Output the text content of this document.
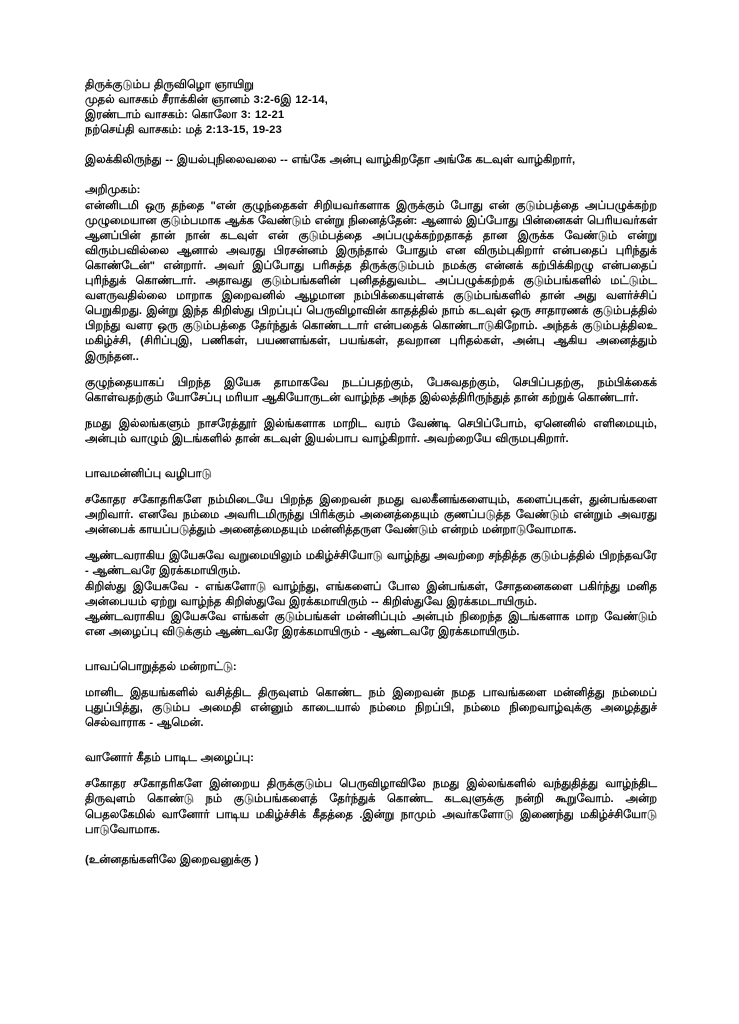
திருக்குடும்ப திருவிழாெ ஞாயிறு
முதல் வாசகம் சீராக்கின் ஞானம் 3:2-6இ 12-14,
இரண்டாம் வாசகம்: கொலோ 3: 12-21
நற்செய்தி வாசகம்: மத் 2:13-15, 19-23

இலக்கிலிருந்து -- இயல்புநிலைவலை -- எங்கே அன்பு வாழ்கிறதோ அங்கே கடவுள் வாழ்கிறார்,

அறிமுகம்:

என்னிடமி ஒரு தந்தை "என் குழுந்தைகள் சிறியவர்களாக இருக்கும் போது என் குடும்பத்தை அப்பழுக்கற்ற முழுமையான குடும்பமாக ஆக்க வேண்டும் என்று நினைத்தேன்: ஆனால் இப்போது பின்னைகள் பெரியவர்கள் ஆனப்பின் தான் நான் கடவுள் என் குடும்பத்தை அப்பழுக்கற்றதாகத் தான இருக்க வேண்டும் என்று விரும்பவில்லை ஆனால் அவரது பிரசன்னம் இருந்தால் போதும் என விரும்புகிறார் என்பதைப் புரிந்துக் கொண்டேன்" என்றார். அவர் இப்போது பரிசுத்த திருக்குடும்பம் நமக்கு என்னக் கற்பிக்கிறழு என்பதைப் புரிந்துக் கொண்டார். அதாவது குடும்பங்களின் புனிதத்துவம்ட அப்பழுக்கற்றக் குடும்பங்களில் மட்டும்ட வளருவதில்லை மாறாக இறைவனில் ஆழமான நம்பிக்கையுள்ளக் குடும்பங்களில் தான் அது வளர்ச்சிப் பெறுகிறது. இன்று இந்த கிறிஸ்து பிறப்புப் பெருவிழாவின் காதத்தில் நாம் கடவுள் ஒரு சாதாரணக் குடும்பத்தில் பிறந்து வளர ஒரு குடும்பத்தை தேர்ந்துக் கொண்டடார் என்பதைக் கொண்டாடுகிறோம். அந்தக் குடும்பத்திலஉ மகிழ்ச்சி, (சிரிப்புஇ, பணிகள், பயணளங்கள், பயங்கள், தவறான புரிதல்கள், அன்பு ஆகிய அனைத்தும் இருந்தன..

குழுந்தையாகப் பிறந்த இயேசு தாமாகவே நடப்பதற்கும், பேசுவதற்கும், செபிப்பதற்கு, நம்பிக்கைக் கொள்வதற்கும் யோசேப்பு மரியா ஆகியோருடன் வாழ்ந்த அந்த இல்லத்திரிருந்துத் தான் கற்றுக் கொண்டார்.

நமது இல்லங்களும் நாசரேத்தூர் இல்ங்களாக மாறிட வரம் வேண்டி செபிப்போம், ஏனெனில் எளிமையும், அன்பும் வாழும் இடங்களில் தான் கடவுள் இயல்பாப வாழ்கிறார். அவற்றையே விருமபுகிறார்.

பாவமன்னிப்பு வழிபாடு

சகோதர சகோதரிகளே நம்மிடையே பிறந்த இறைவன் நமது வலகீனங்களையும், களைப்புகள், துன்பங்களை அறிவார். எனவே நம்மை அவரிடமிருந்து பிரிக்கும் அனைத்தையும் குணப்படுத்த வேண்டும் என்றும் அவரது அன்பைக் காயப்படுத்தும் அனைத்மைதயும் மன்னித்தருள வேண்டும் என்றம் மன்றாடுவோமாக.

ஆண்டவராகிய இயேசுவே வறுமையிலும் மகிழ்ச்சியோடு வாழ்ந்து அவற்றை சந்தித்த குடும்பத்தில் பிறந்தவரே - ஆண்டவரே இரக்கமாயிரும்.

கிறிஸ்து இயேசுவே - எங்களோடு வாழ்ந்து, எங்களைப் போல இன்பங்கள், சோதனைகளை பகிர்ந்து மனித அன்பையம் ஏற்று வாழ்ந்த கிறிஸ்துவே இரக்கமாயிரும் -- கிறிஸ்துவே இரக்கமடாயிரும்.

ஆண்டவராகிய இயேசுவே எங்கள் குடும்பங்கள் மன்னிப்பும் அன்பும் நிறைந்த இடங்களாக மாற வேண்டும் என அழைப்பு விடுக்கும் ஆண்டவரே இரக்கமாயிரும் - ஆண்டவரே இரக்கமாயிரும்.

பாவப்பொறுத்தல் மன்றாட்டு:

மானிட இதயங்களில் வசித்திட திருவுளம் கொண்ட நம் இறைவன் நமத பாவங்களை மன்னித்து நம்மைப் புதுப்பித்து, குடும்ப அமைதி என்னும் காடையால் நம்மை நிறப்பி, நம்மை நிறைவாழ்வுக்கு அழைத்துச் செல்வாராக - ஆமென்.

வானோர் கீதம் பாடிட அழைப்பு:

சகோதர சகோதரிகளே இன்றைய திருக்குடும்ப பெருவிழாவிலே நமது இல்லங்களில் வந்துதித்து வாழ்ந்திட திருவுளம் கொண்டு நம் குடும்பங்களைத் தேர்ந்துக் கொண்ட கடவுளுக்கு நன்றி கூறுவோம். அன்ற பெதலகேமில் வானோர் பாடிய மகிழ்ச்சிக் கீதத்தை .இன்று நாமும் அவர்களோடு இணைந்து மகிழ்ச்சியோடு பாடுவோமாக.

(உன்னதங்களிலே இறைவனுக்கு )
